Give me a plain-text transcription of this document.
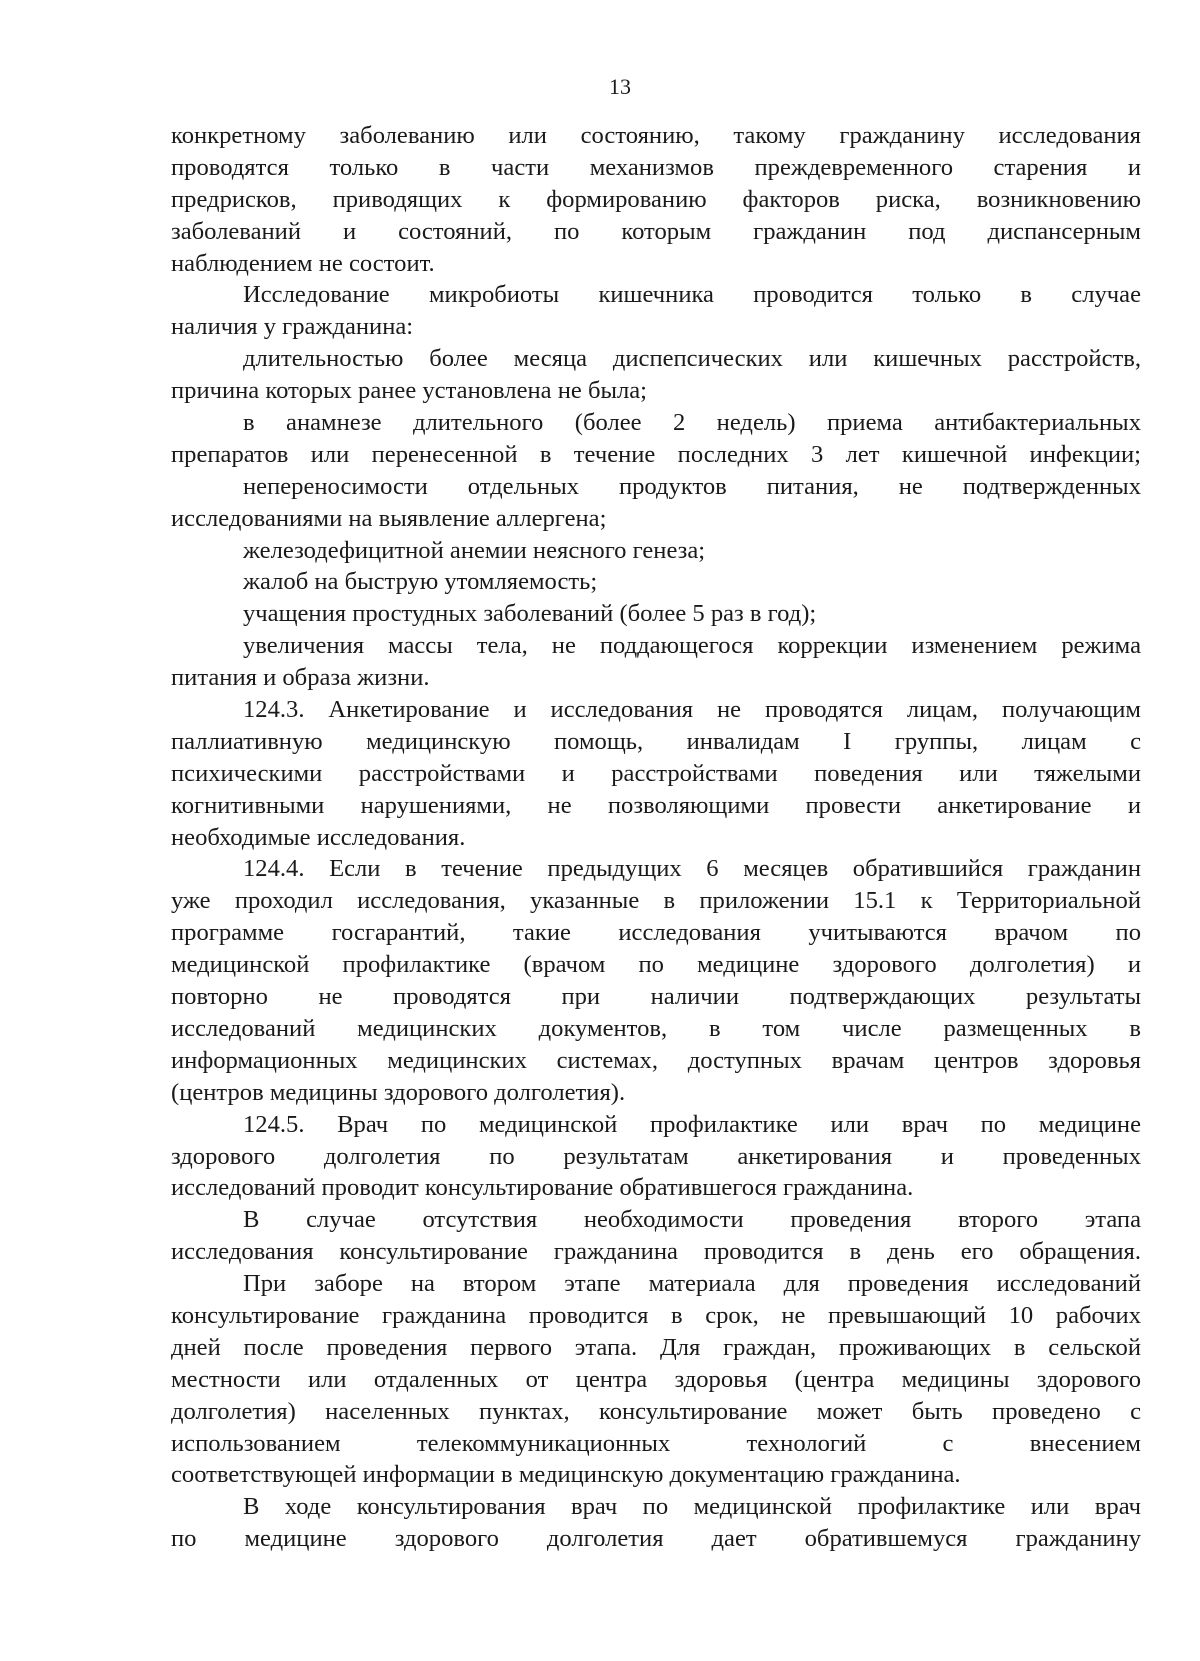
13
конкретному заболеванию или состоянию, такому гражданину исследования
проводятся только в части механизмов преждевременного старения и
предрисков, приводящих к формированию факторов риска, возникновению
заболеваний и состояний, по которым гражданин под диспансерным
наблюдением не состоит.
Исследование микробиоты кишечника проводится только в случае
наличия у гражданина:
длительностью более месяца диспепсических или кишечных расстройств,
причина которых ранее установлена не была;
в анамнезе длительного (более 2 недель) приема антибактериальных
препаратов или перенесенной в течение последних 3 лет кишечной инфекции;
непереносимости отдельных продуктов питания, не подтвержденных
исследованиями на выявление аллергена;
железодефицитной анемии неясного генеза;
жалоб на быструю утомляемость;
учащения простудных заболеваний (более 5 раз в год);
увеличения массы тела, не поддающегося коррекции изменением режима
питания и образа жизни.
124.3. Анкетирование и исследования не проводятся лицам, получающим
паллиативную медицинскую помощь, инвалидам I группы, лицам с
психическими расстройствами и расстройствами поведения или тяжелыми
когнитивными нарушениями, не позволяющими провести анкетирование и
необходимые исследования.
124.4. Если в течение предыдущих 6 месяцев обратившийся гражданин
уже проходил исследования, указанные в приложении 15.1 к Территориальной
программе госгарантий, такие исследования учитываются врачом по
медицинской профилактике (врачом по медицине здорового долголетия) и
повторно не проводятся при наличии подтверждающих результаты
исследований медицинских документов, в том числе размещенных в
информационных медицинских системах, доступных врачам центров здоровья
(центров медицины здорового долголетия).
124.5. Врач по медицинской профилактике или врач по медицине
здорового долголетия по результатам анкетирования и проведенных
исследований проводит консультирование обратившегося гражданина.
В случае отсутствия необходимости проведения второго этапа
исследования консультирование гражданина проводится в день его обращения.
При заборе на втором этапе материала для проведения исследований
консультирование гражданина проводится в срок, не превышающий 10 рабочих
дней после проведения первого этапа. Для граждан, проживающих в сельской
местности или отдаленных от центра здоровья (центра медицины здорового
долголетия) населенных пунктах, консультирование может быть проведено с
использованием телекоммуникационных технологий с внесением
соответствующей информации в медицинскую документацию гражданина.
В ходе консультирования врач по медицинской профилактике или врач
по медицине здорового долголетия дает обратившемуся гражданину
